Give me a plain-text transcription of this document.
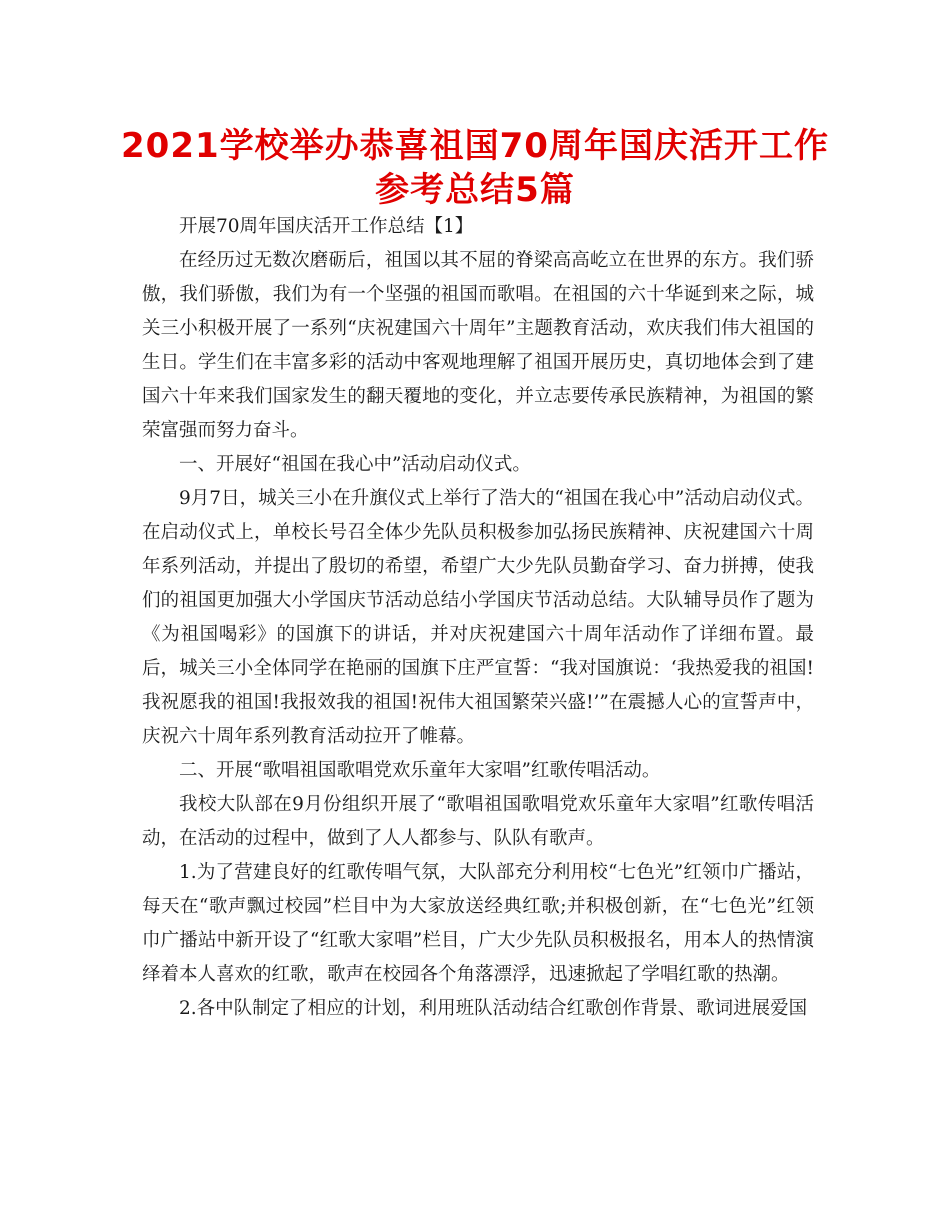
2021学校举办恭喜祖国70周年国庆活开工作参考总结5篇

开展70周年国庆活开工作总结【1】

在经历过无数次磨砺后，祖国以其不屈的脊梁高高屹立在世界的东方。我们骄傲，我们骄傲，我们为有一个坚强的祖国而歌唱。在祖国的六十华诞到来之际，城关三小积极开展了一系列“庆祝建国六十周年”主题教育活动，欢庆我们伟大祖国的生日。学生们在丰富多彩的活动中客观地理解了祖国开展历史，真切地体会到了建国六十年来我们国家发生的翻天覆地的变化，并立志要传承民族精神，为祖国的繁荣富强而努力奋斗。

一、开展好“祖国在我心中”活动启动仪式。

9月7日，城关三小在升旗仪式上举行了浩大的“祖国在我心中”活动启动仪式。在启动仪式上，单校长号召全体少先队员积极参加弘扬民族精神、庆祝建国六十周年系列活动，并提出了殷切的希望，希望广大少先队员勤奋学习、奋力拼搏，使我们的祖国更加强大小学国庆节活动总结小学国庆节活动总结。大队辅导员作了题为《为祖国喝彩》的国旗下的讲话，并对庆祝建国六十周年活动作了详细布置。最后，城关三小全体同学在艳丽的国旗下庄严宣誓：“我对国旗说：‘我热爱我的祖国!我祝愿我的祖国!我报效我的祖国!祝伟大祖国繁荣兴盛!’”在震撼人心的宣誓声中，庆祝六十周年系列教育活动拉开了帷幕。

二、开展“歌唱祖国歌唱党欢乐童年大家唱”红歌传唱活动。

我校大队部在9月份组织开展了“歌唱祖国歌唱党欢乐童年大家唱”红歌传唱活动，在活动的过程中，做到了人人都参与、队队有歌声。

1.为了营建良好的红歌传唱气氛，大队部充分利用校“七色光”红领巾广播站，每天在“歌声飘过校园”栏目中为大家放送经典红歌;并积极创新，在“七色光”红领巾广播站中新开设了“红歌大家唱”栏目，广大少先队员积极报名，用本人的热情演绎着本人喜欢的红歌，歌声在校园各个角落漂浮，迅速掀起了学唱红歌的热潮。

2.各中队制定了相应的计划，利用班队活动结合红歌创作背景、歌词进展爱国
